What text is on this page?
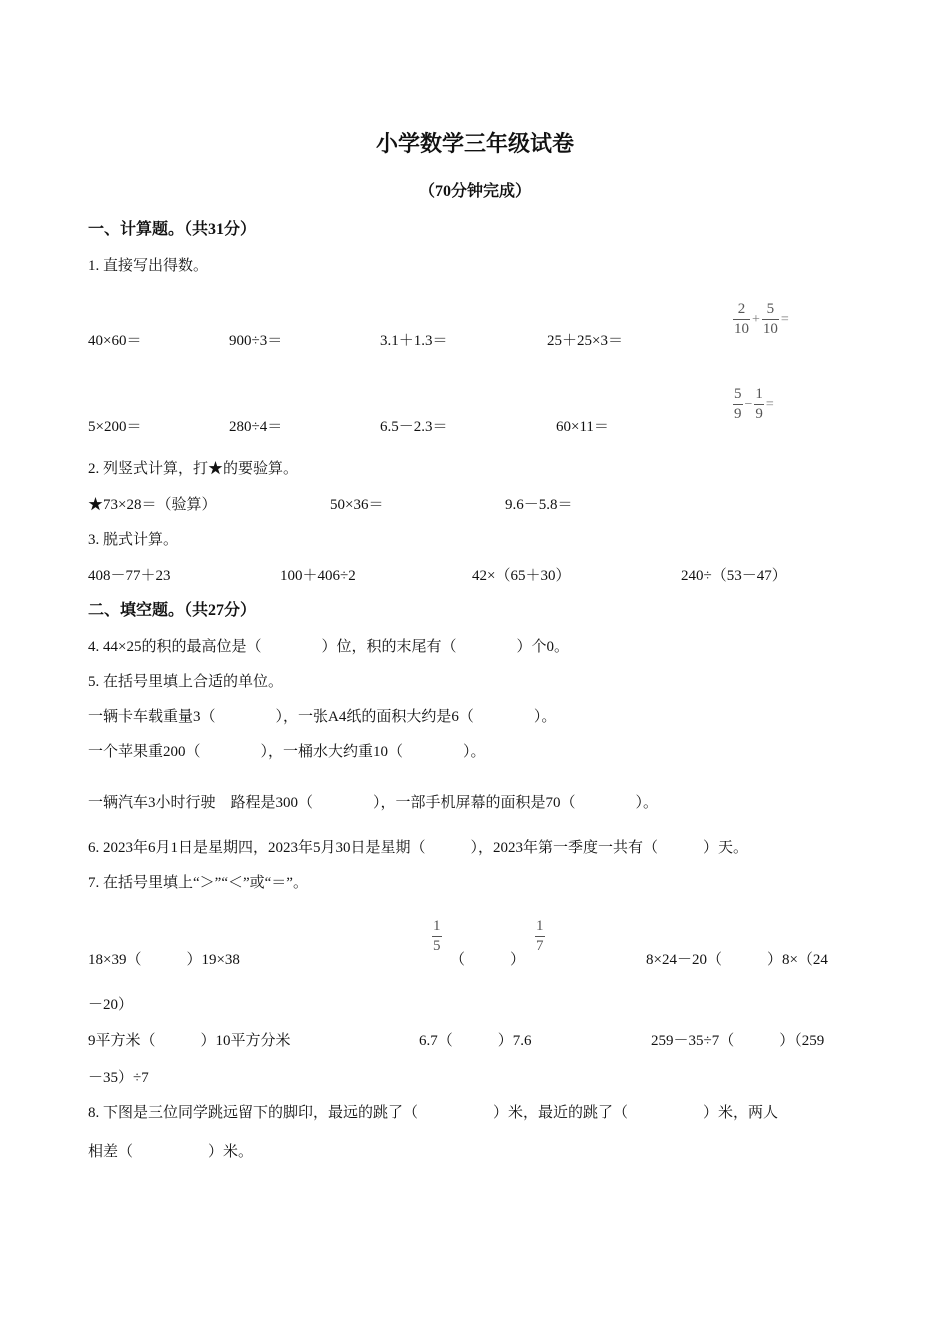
小学数学三年级试卷
（70分钟完成）
一、计算题。（共31分）
1. 直接写出得数。
40×60＝	900÷3＝	3.1＋1.3＝	25＋25×3＝
$\frac{2}{10} + \frac{5}{10}$ =
5×200＝	280÷4＝	6.5－2.3＝	60×11＝
$\frac{5}{9} - \frac{1}{9}$ =
2. 列竖式计算，打★的要验算。
★73×28＝（验算）	50×36＝	9.6－5.8＝
3. 脱式计算。
408－77＋23	100＋406÷2	42×（65＋30）	240÷（53－47）
二、填空题。（共27分）
4. 44×25的积的最高位是（　　　　）位，积的末尾有（　　　　）个0。
5. 在括号里填上合适的单位。
一辆卡车载重量3（　　　　），一张A4纸的面积大约是6（　　　　）。
一个苹果重200（　　　　），一桶水大约重10（　　　　）。
一辆汽车3小时行驶　路程是300（　　　　），一部手机屏幕的面积是70（　　　　）。
6. 2023年6月1日是星期四，2023年5月30日是星期（　　　），2023年第一季度一共有（　　　）天。
7. 在括号里填上“＞”“＜”或“＝”。
18×39（　　　）19×38
$\frac{1}{5}$
（　　　）
$\frac{1}{7}$
8×24－20（　　　）8×（24
－20）
9平方米（　　　）10平方分米	6.7（　　　）7.6	259－35÷7（　　　）（259
－35）÷7
8. 下图是三位同学跳远留下的脚印，最远的跳了（　　　　　）米，最近的跳了（　　　　　）米，两人
相差（　　　　　）米。
